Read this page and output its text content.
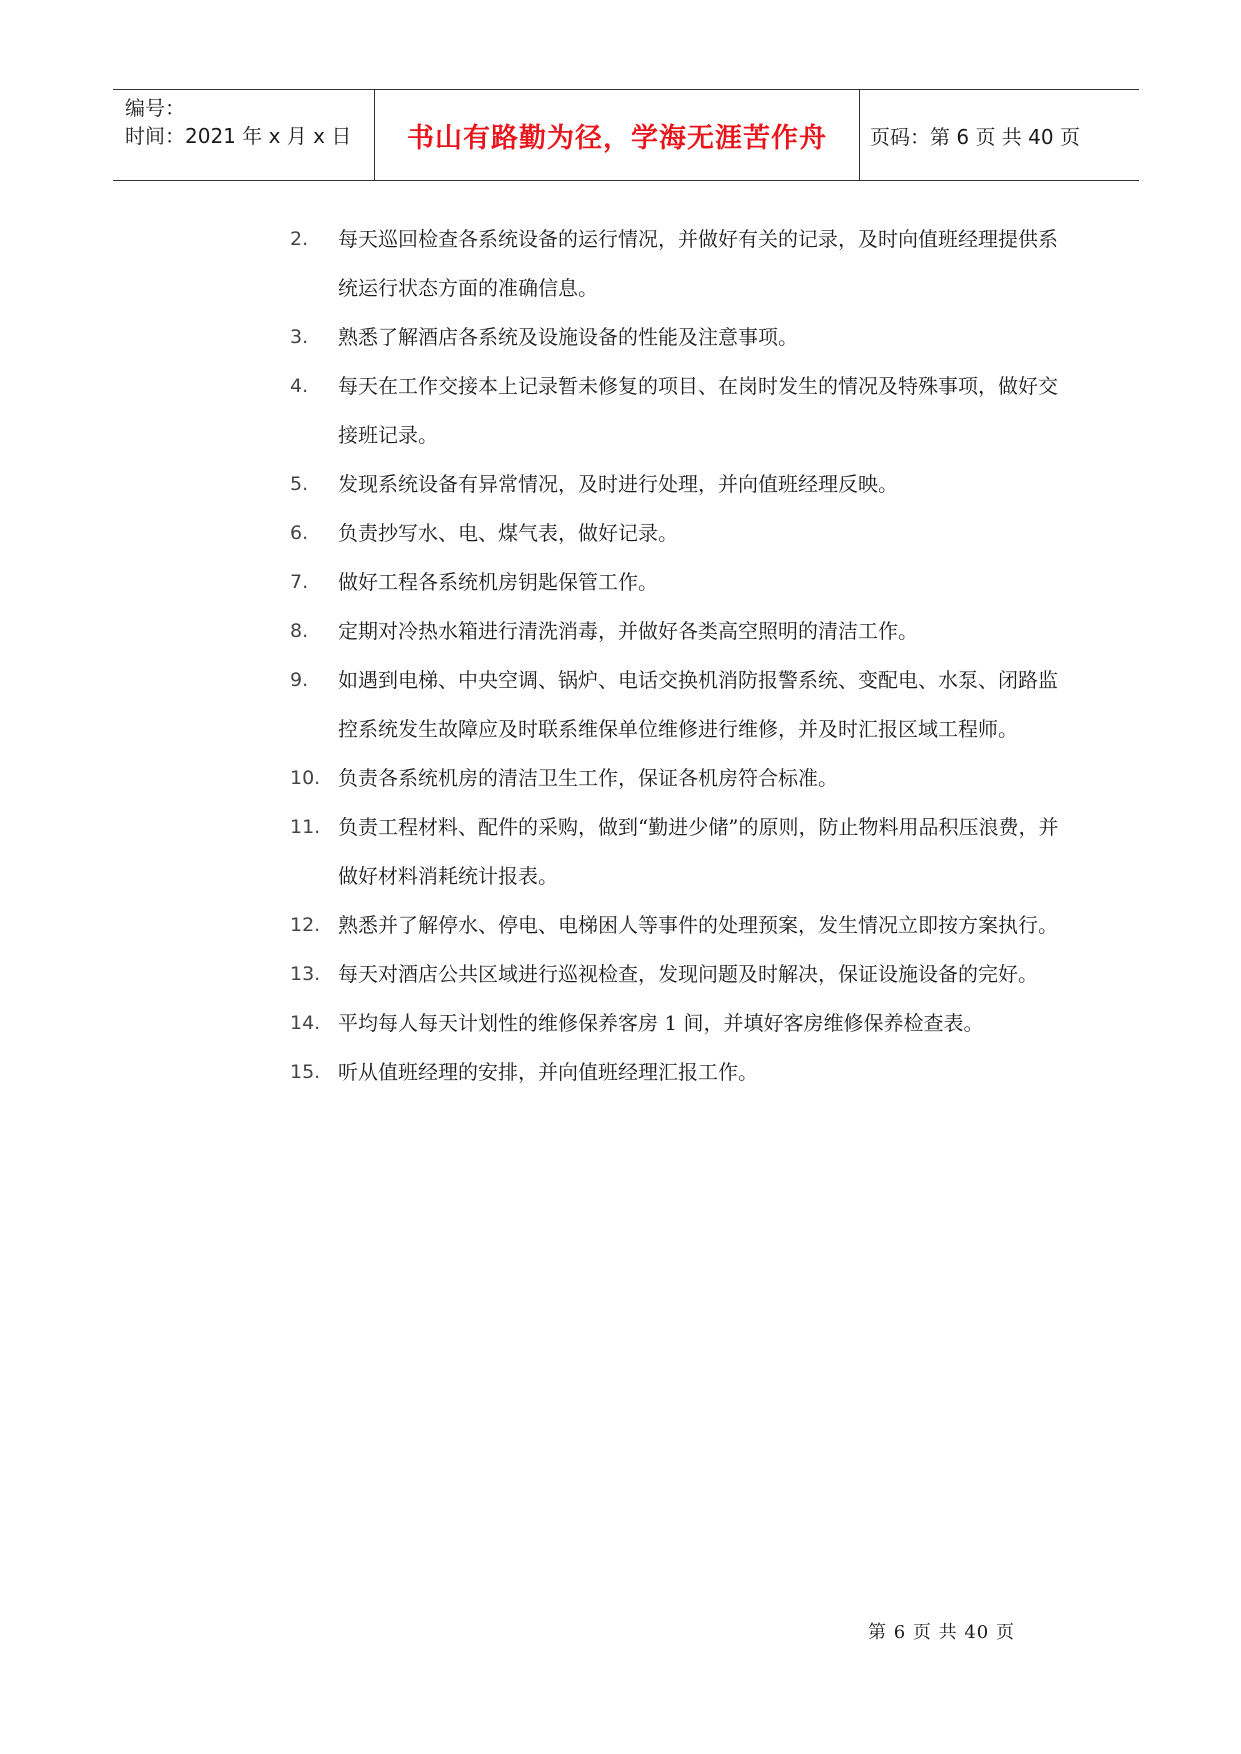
编号：
时间：2021 年 x 月 x 日	书山有路勤为径，学海无涯苦作舟	页码：第 6 页 共 40 页
2.	每天巡回检查各系统设备的运行情况，并做好有关的记录，及时向值班经理提供系统运行状态方面的准确信息。
3.	熟悉了解酒店各系统及设施设备的性能及注意事项。
4.	每天在工作交接本上记录暂未修复的项目、在岗时发生的情况及特殊事项，做好交接班记录。
5.	发现系统设备有异常情况，及时进行处理，并向值班经理反映。
6.	负责抄写水、电、煤气表，做好记录。
7.	做好工程各系统机房钥匙保管工作。
8.	定期对冷热水箱进行清洗消毒，并做好各类高空照明的清洁工作。
9.	如遇到电梯、中央空调、锅炉、电话交换机消防报警系统、变配电、水泵、闭路监控系统发生故障应及时联系维保单位维修进行维修，并及时汇报区域工程师。
10. 负责各系统机房的清洁卫生工作，保证各机房符合标准。
11. 负责工程材料、配件的采购，做到“勤进少储”的原则，防止物料用品积压浪费，并做好材料消耗统计报表。
12. 熟悉并了解停水、停电、电梯困人等事件的处理预案，发生情况立即按方案执行。
13. 每天对酒店公共区域进行巡视检查，发现问题及时解决，保证设施设备的完好。
14. 平均每人每天计划性的维修保养客房 1 间，并填好客房维修保养检查表。
15. 听从值班经理的安排，并向值班经理汇报工作。
第 6 页 共 40 页
